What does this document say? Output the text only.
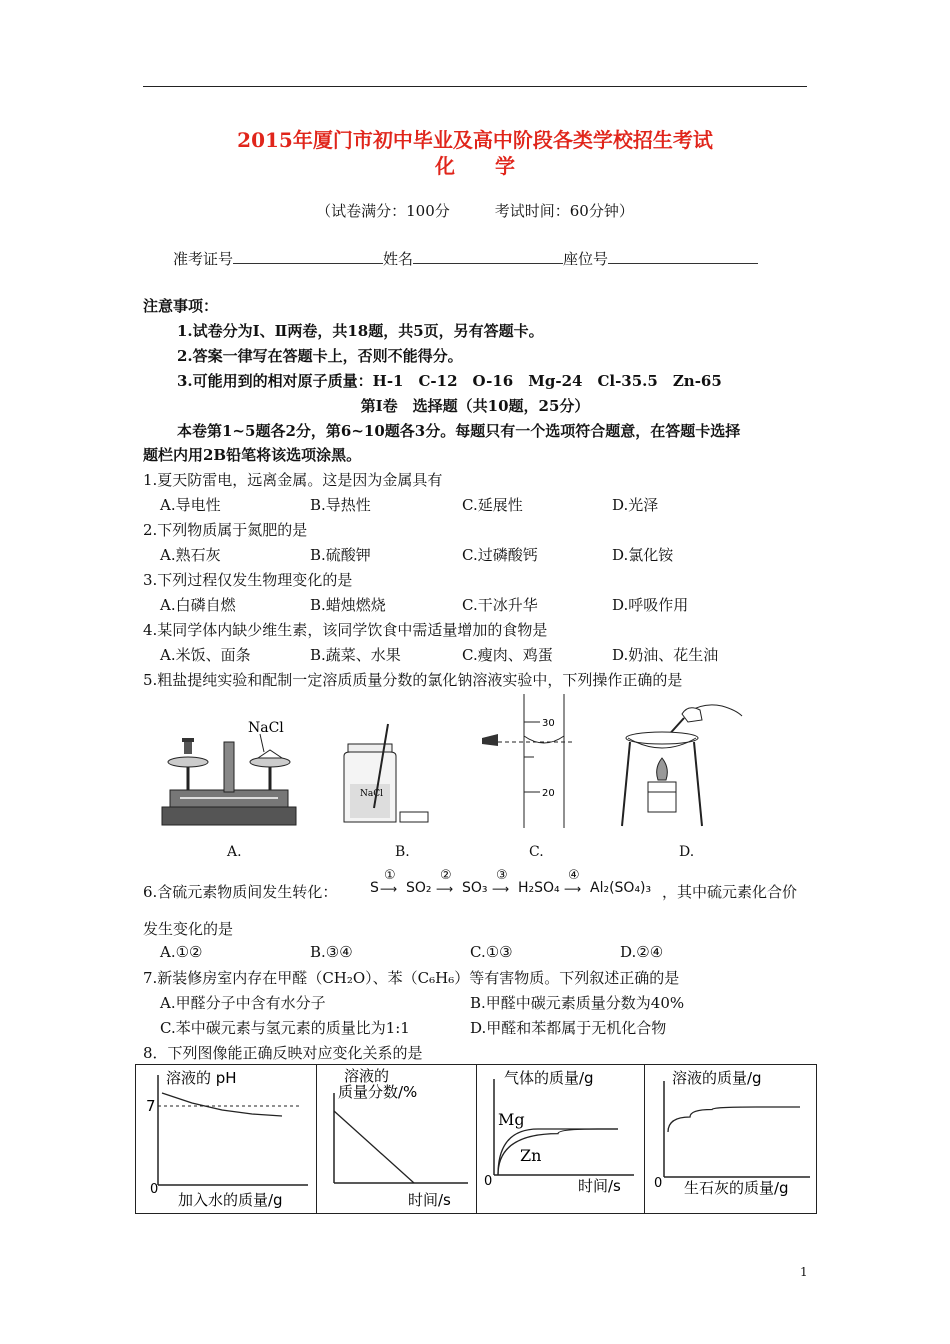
2015年厦门市初中毕业及高中阶段各类学校招生考试
化　　学
（试卷满分：100分　　　考试时间：60分钟）
准考证号	姓名	座位号
注意事项：
1.试卷分为Ⅰ、Ⅱ两卷，共18题，共5页，另有答题卡。
2.答案一律写在答题卡上，否则不能得分。
3.可能用到的相对原子质量：H-1　C-12　O-16　Mg-24　Cl-35.5　Zn-65
第Ⅰ卷　选择题（共10题，25分）
本卷第1~5题各2分，第6~10题各3分。每题只有一个选项符合题意，在答题卡选择
题栏内用2B铅笔将该选项涂黑。
1.夏天防雷电，远离金属。这是因为金属具有
A.导电性	B.导热性	C.延展性	D.光泽
2.下列物质属于氮肥的是
A.熟石灰	B.硫酸钾	C.过磷酸钙	D.氯化铵
3.下列过程仅发生物理变化的是
A.白磷自燃	B.蜡烛燃烧	C.干冰升华	D.呼吸作用
4.某同学体内缺少维生素，该同学饮食中需适量增加的食物是
A.米饭、面条	B.蔬菜、水果	C.瘦肉、鸡蛋	D.奶油、花生油
5.粗盐提纯实验和配制一定溶质质量分数的氯化钠溶液实验中，下列操作正确的是
NaCl
NaCl
30
20
A.	B.	C.	D.
6.含硫元素物质间发生转化： S
①
⟶ SO₂
②
⟶ SO₃
③
⟶ H₂SO₄
④
⟶ Al₂(SO₄)₃ ，其中硫元素化合价
发生变化的是
A.①②	B.③④	C.①③	D.②④
7.新装修房室内存在甲醛（CH₂O）、苯（C₆H₆）等有害物质。下列叙述正确的是
A.甲醛分子中含有水分子	B.甲醛中碳元素质量分数为40%
C.苯中碳元素与氢元素的质量比为1:1	D.甲醛和苯都属于无机化合物
8．下列图像能正确反映对应变化关系的是
7
溶液的 pH
加入水的质量/g
0
溶液的
质量分数/%
时间/s
Mg
Zn
气体的质量/g
时间/s
0
溶液的质量/g
生石灰的质量/g
0
1
